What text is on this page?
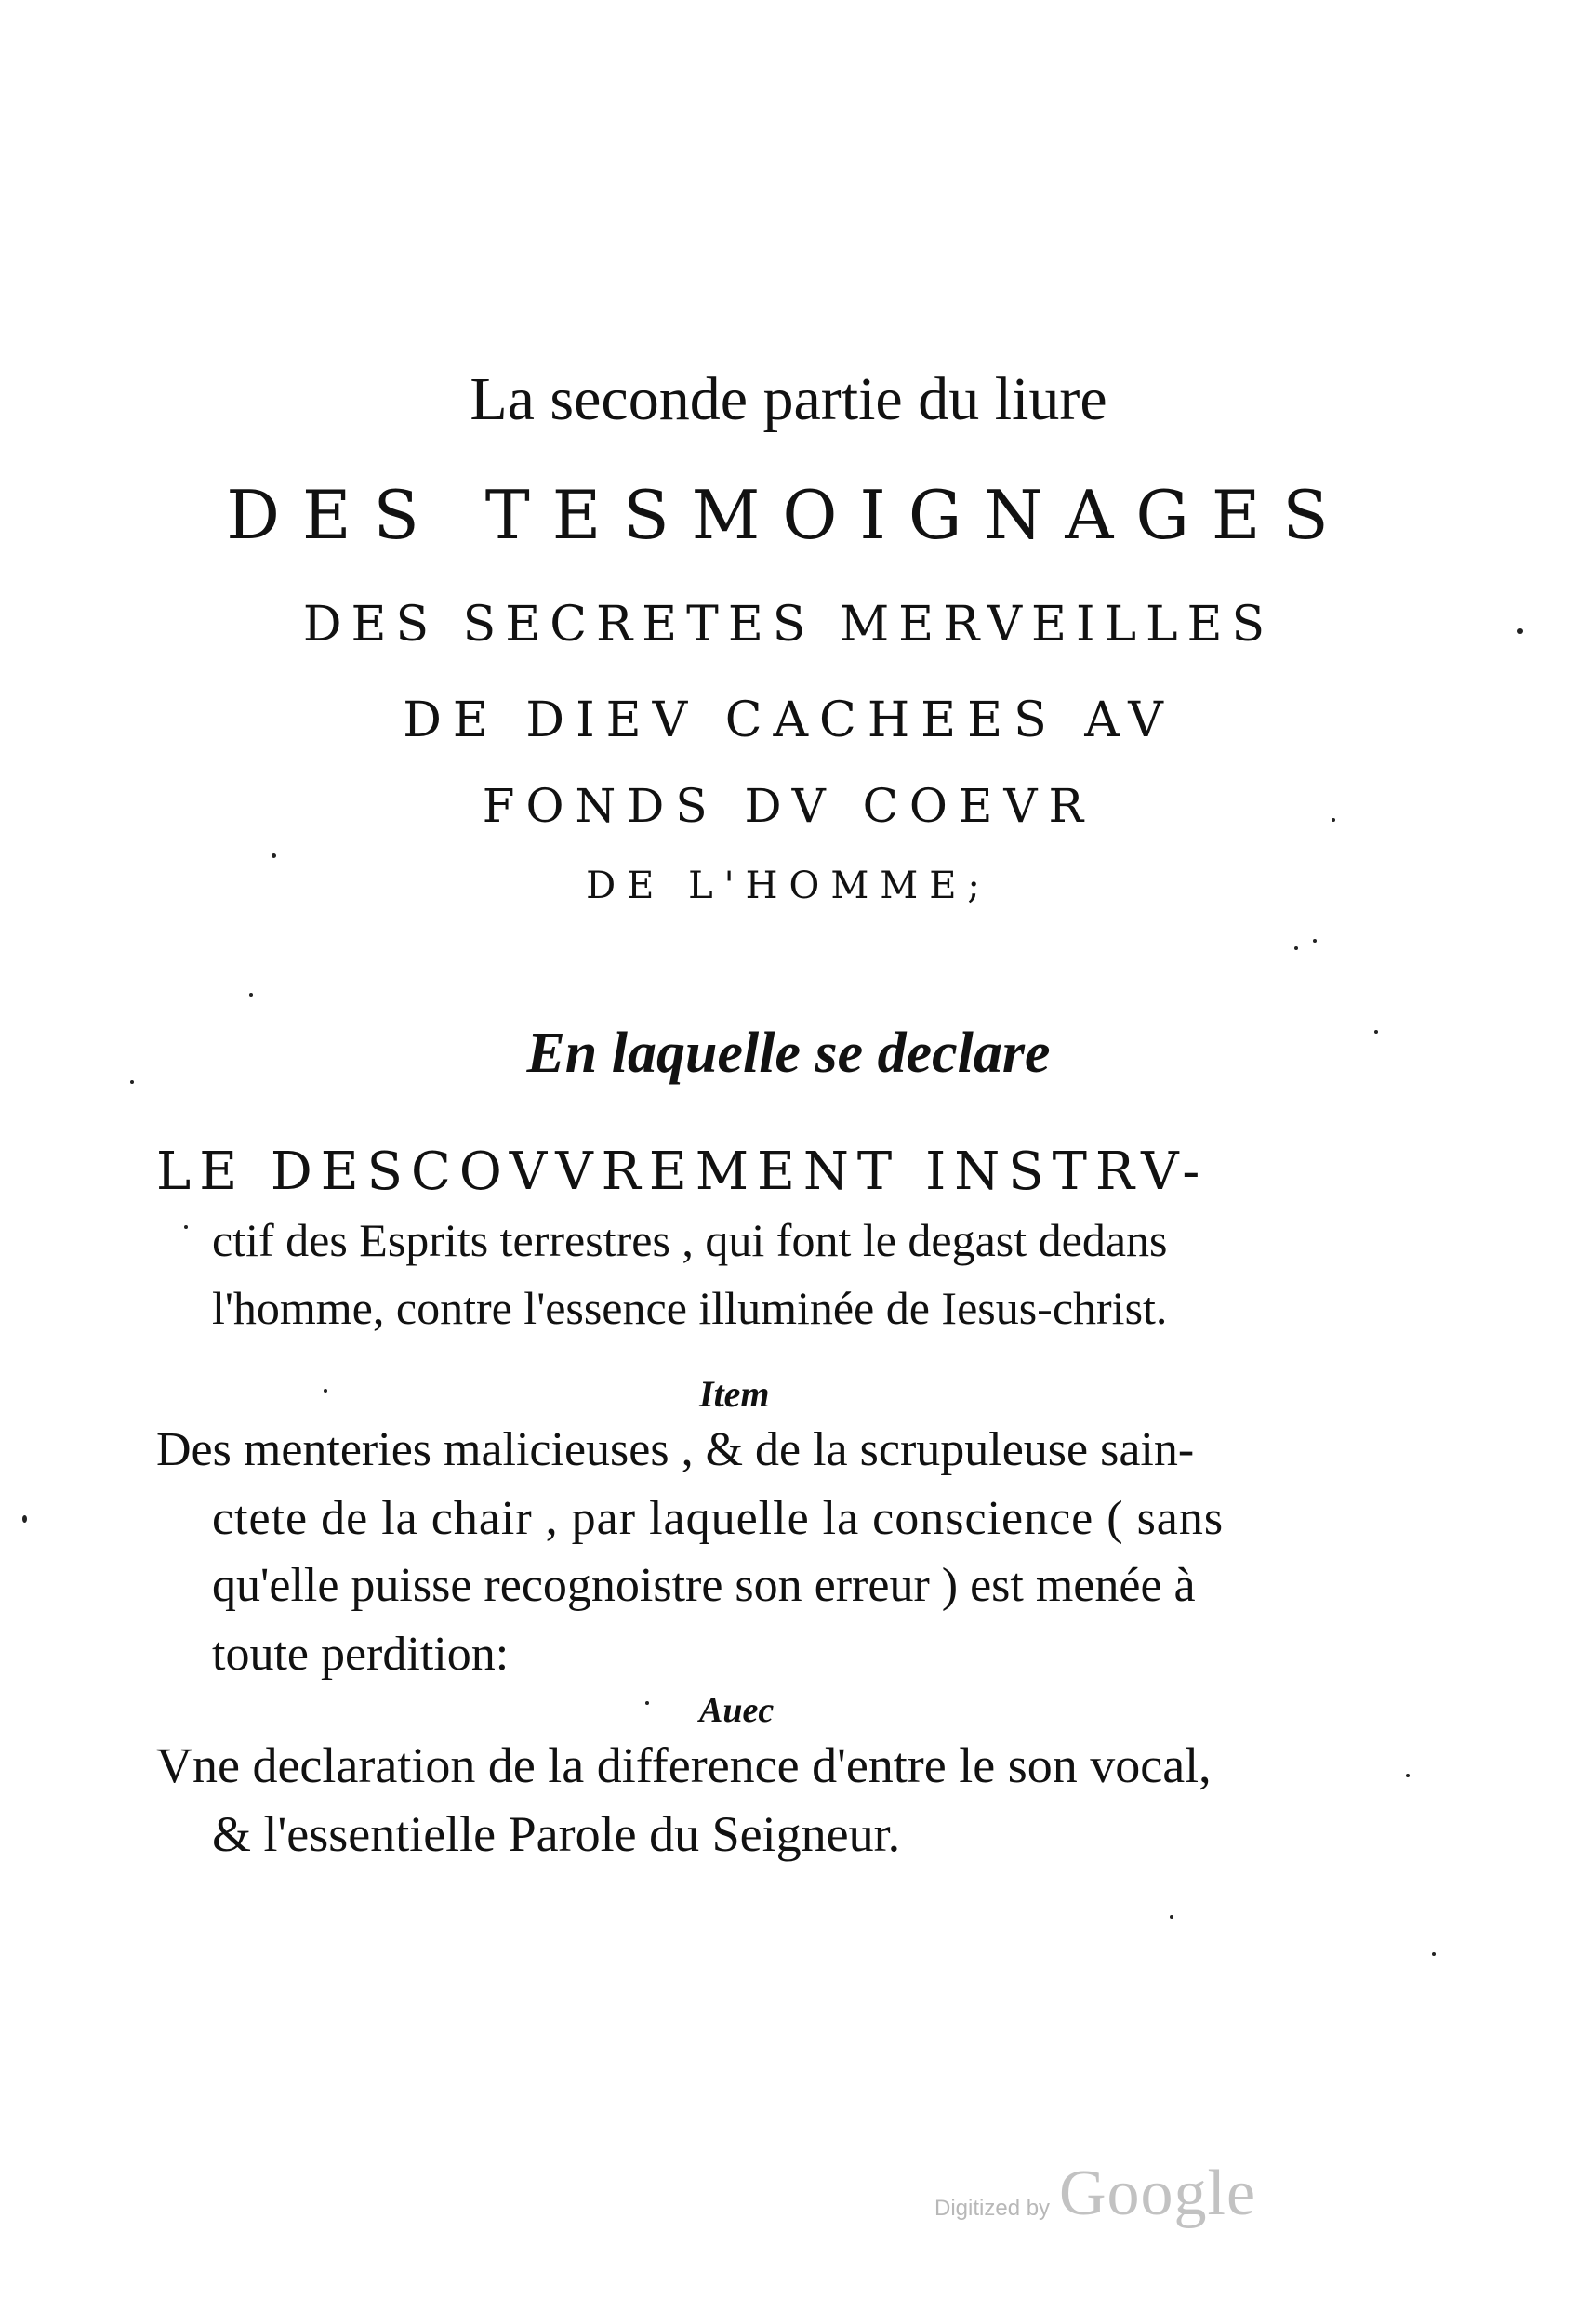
La seconde partie du liure
DES TESMOIGNAGES
DES SECRETES MERVEILLES
DE DIEV CACHEES AV
FONDS DV COEVR
DE L'HOMME;
En laquelle se declare
LE DESCOVVREMENT INSTRV-
ctif des Esprits terrestres , qui font le degast dedans
l'homme, contre l'essence illuminée de Iesus-christ.
Item
Des menteries malicieuses , & de la scrupuleuse sain-
ctete de la chair , par laquelle la conscience ( sans
qu'elle puisse recognoistre son erreur ) est menée à
toute perdition:
Auec
Vne declaration de la difference d'entre le son vocal,
& l'essentielle Parole du Seigneur.
Digitized by Google
